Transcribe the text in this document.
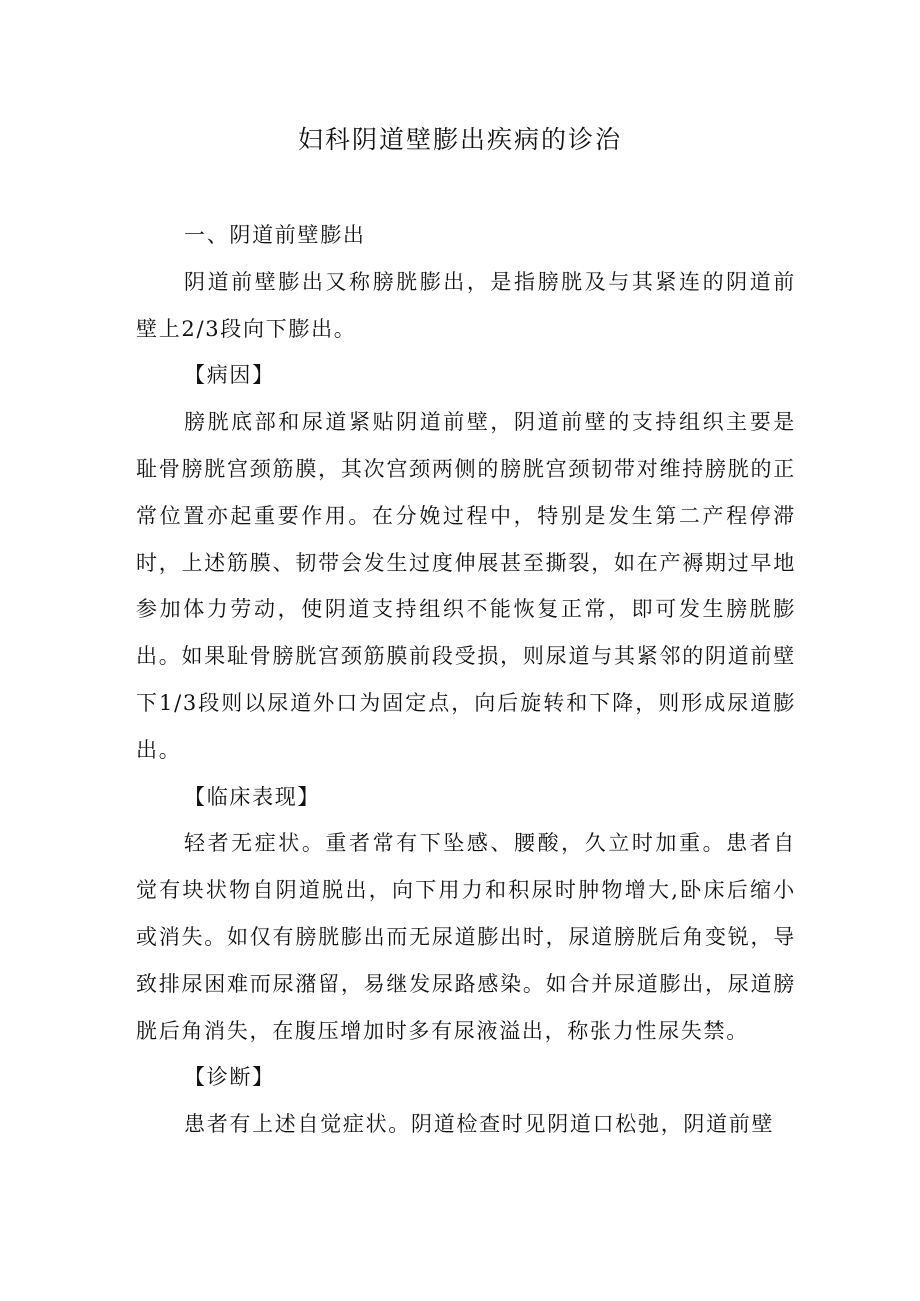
妇科阴道壁膨出疾病的诊治

一、阴道前壁膨出

阴道前壁膨出又称膀胱膨出，是指膀胱及与其紧连的阴道前壁上2/3段向下膨出。

【病因】

膀胱底部和尿道紧贴阴道前壁，阴道前壁的支持组织主要是耻骨膀胱宫颈筋膜，其次宫颈两侧的膀胱宫颈韧带对维持膀胱的正常位置亦起重要作用。在分娩过程中，特别是发生第二产程停滞时，上述筋膜、韧带会发生过度伸展甚至撕裂，如在产褥期过早地参加体力劳动，使阴道支持组织不能恢复正常，即可发生膀胱膨出。如果耻骨膀胱宫颈筋膜前段受损，则尿道与其紧邻的阴道前壁下1/3段则以尿道外口为固定点，向后旋转和下降，则形成尿道膨出。

【临床表现】

轻者无症状。重者常有下坠感、腰酸，久立时加重。患者自觉有块状物自阴道脱出，向下用力和积尿时肿物增大,卧床后缩小或消失。如仅有膀胱膨出而无尿道膨出时，尿道膀胱后角变锐，导致排尿困难而尿潴留，易继发尿路感染。如合并尿道膨出，尿道膀胱后角消失，在腹压增加时多有尿液溢出，称张力性尿失禁。

【诊断】

患者有上述自觉症状。阴道检查时见阴道口松弛，阴道前壁
